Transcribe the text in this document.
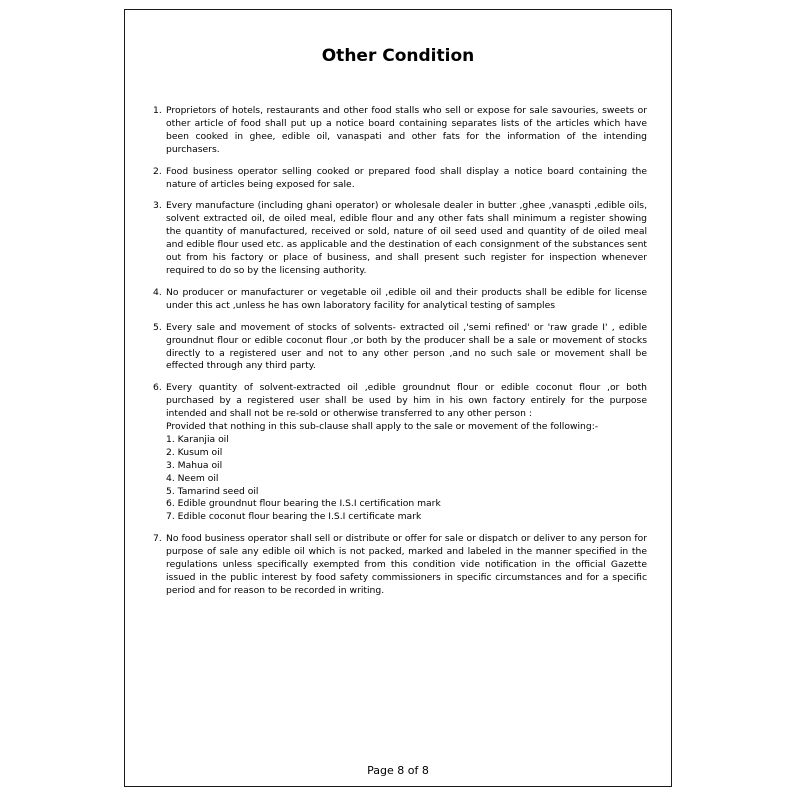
Other Condition
1. Proprietors of hotels, restaurants and other food stalls who sell or expose for sale savouries, sweets or other article of food shall put up a notice board containing separates lists of the articles which have been cooked in ghee, edible oil, vanaspati and other fats for the information of the intending purchasers.

2. Food business operator selling cooked or prepared food shall display a notice board containing the nature of articles being exposed for sale.

3. Every manufacture (including ghani operator) or wholesale dealer in butter ,ghee ,vanaspti ,edible oils, solvent extracted oil, de oiled meal, edible flour and any other fats shall minimum a register showing the quantity of manufactured, received or sold, nature of oil seed used and quantity of de oiled meal and edible flour used etc. as applicable and the destination of each consignment of the substances sent out from his factory or place of business, and shall present such register for inspection whenever required to do so by the licensing authority.

4. No producer or manufacturer or vegetable oil ,edible oil and their products shall be edible for license under this act ,unless he has own laboratory facility for analytical testing of samples

5. Every sale and movement of stocks of solvents- extracted oil ,'semi refined' or 'raw grade I' , edible groundnut flour or edible coconut flour ,or both by the producer shall be a sale or movement of stocks directly to a registered user and not to any other person ,and no such sale or movement shall be effected through any third party.

6. Every quantity of solvent-extracted oil ,edible groundnut flour or edible coconut flour ,or both purchased by a registered user shall be used by him in his own factory entirely for the purpose intended and shall not be re-sold or otherwise transferred to any other person :

Provided that nothing in this sub-clause shall apply to the sale or movement of the following:-

1. Karanjia oil
2. Kusum oil
3. Mahua oil
4. Neem oil
5. Tamarind seed oil
6. Edible groundnut flour bearing the I.S.I certification mark
7. Edible coconut flour bearing the I.S.I certificate mark
7. No food business operator shall sell or distribute or offer for sale or dispatch or deliver to any person for purpose of sale any edible oil which is not packed, marked and labeled in the manner specified in the regulations unless specifically exempted from this condition vide notification in the official Gazette issued in the public interest by food safety commissioners in specific circumstances and for a specific period and for reason to be recorded in writing.

Page 8 of 8
